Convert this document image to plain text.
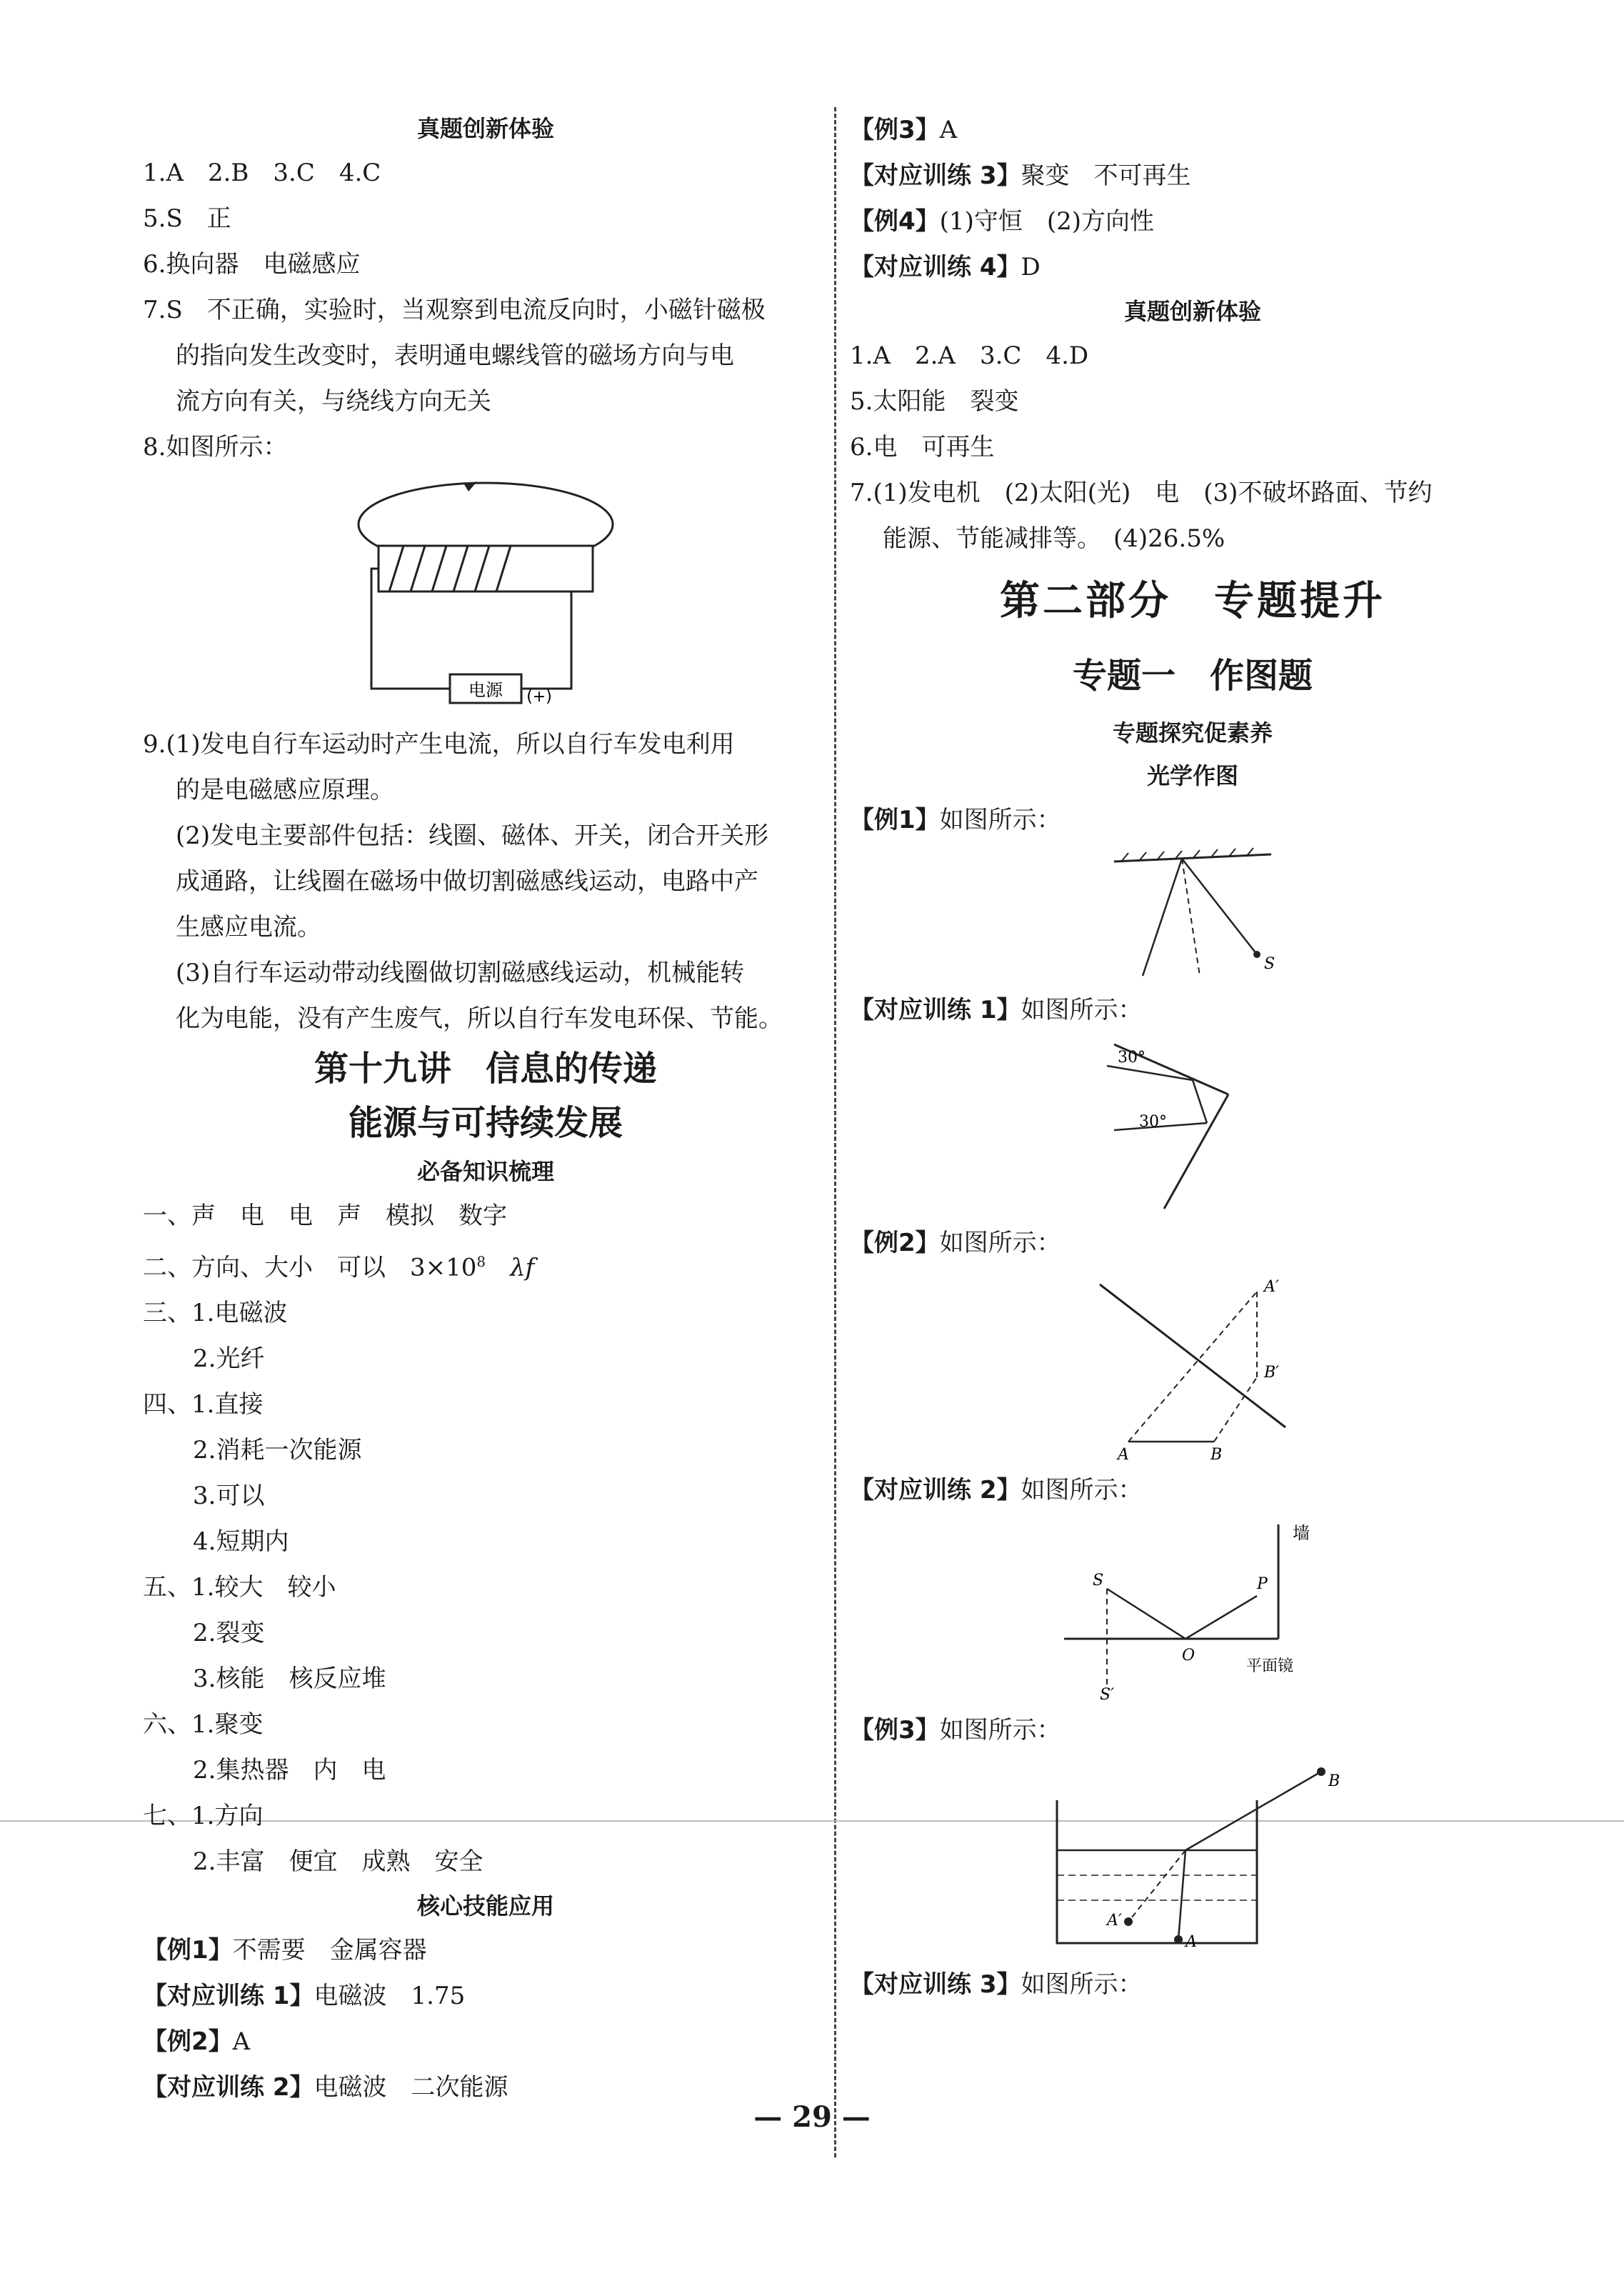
真题创新体验
1.A　2.B　3.C　4.C
5.S　正
6.换向器　电磁感应
7.S　不正确，实验时，当观察到电流反向时，小磁针磁极
的指向发生改变时，表明通电螺线管的磁场方向与电
流方向有关，与绕线方向无关
8.如图所示：
电源 (+)
9.(1)发电自行车运动时产生电流，所以自行车发电利用
的是电磁感应原理。
(2)发电主要部件包括：线圈、磁体、开关，闭合开关形
成通路，让线圈在磁场中做切割磁感线运动，电路中产
生感应电流。
(3)自行车运动带动线圈做切割磁感线运动，机械能转
化为电能，没有产生废气，所以自行车发电环保、节能。
第十九讲　信息的传递
能源与可持续发展
必备知识梳理
一、声　电　电　声　模拟　数字
二、方向、大小　可以　$3\times 10^8$　λf
三、1.电磁波
2.光纤
四、1.直接
2.消耗一次能源
3.可以
4.短期内
五、1.较大　较小
2.裂变
3.核能　核反应堆
六、1.聚变
2.集热器　内　电
七、1.方向
2.丰富　便宜　成熟　安全
核心技能应用
【例1】不需要　金属容器
【对应训练 1】电磁波　1.75
【例2】A
【对应训练 2】电磁波　二次能源
【例3】A
【对应训练 3】聚变　不可再生
【例4】(1)守恒　(2)方向性
【对应训练 4】D
真题创新体验
1.A　2.A　3.C　4.D
5.太阳能　裂变
6.电　可再生
7.(1)发电机　(2)太阳(光)　电　(3)不破坏路面、节约
能源、节能减排等。　(4)26.5%
第二部分　专题提升
专题一　作图题
专题探究促素养
光学作图
【例1】如图所示：
S
【对应训练 1】如图所示：
30°
30°
【例2】如图所示：
A	B
A′
B′
【对应训练 2】如图所示：
墙
S	P
O
S′
平面镜
【例3】如图所示：
B
A
A′
【对应训练 3】如图所示：
— 29 —
